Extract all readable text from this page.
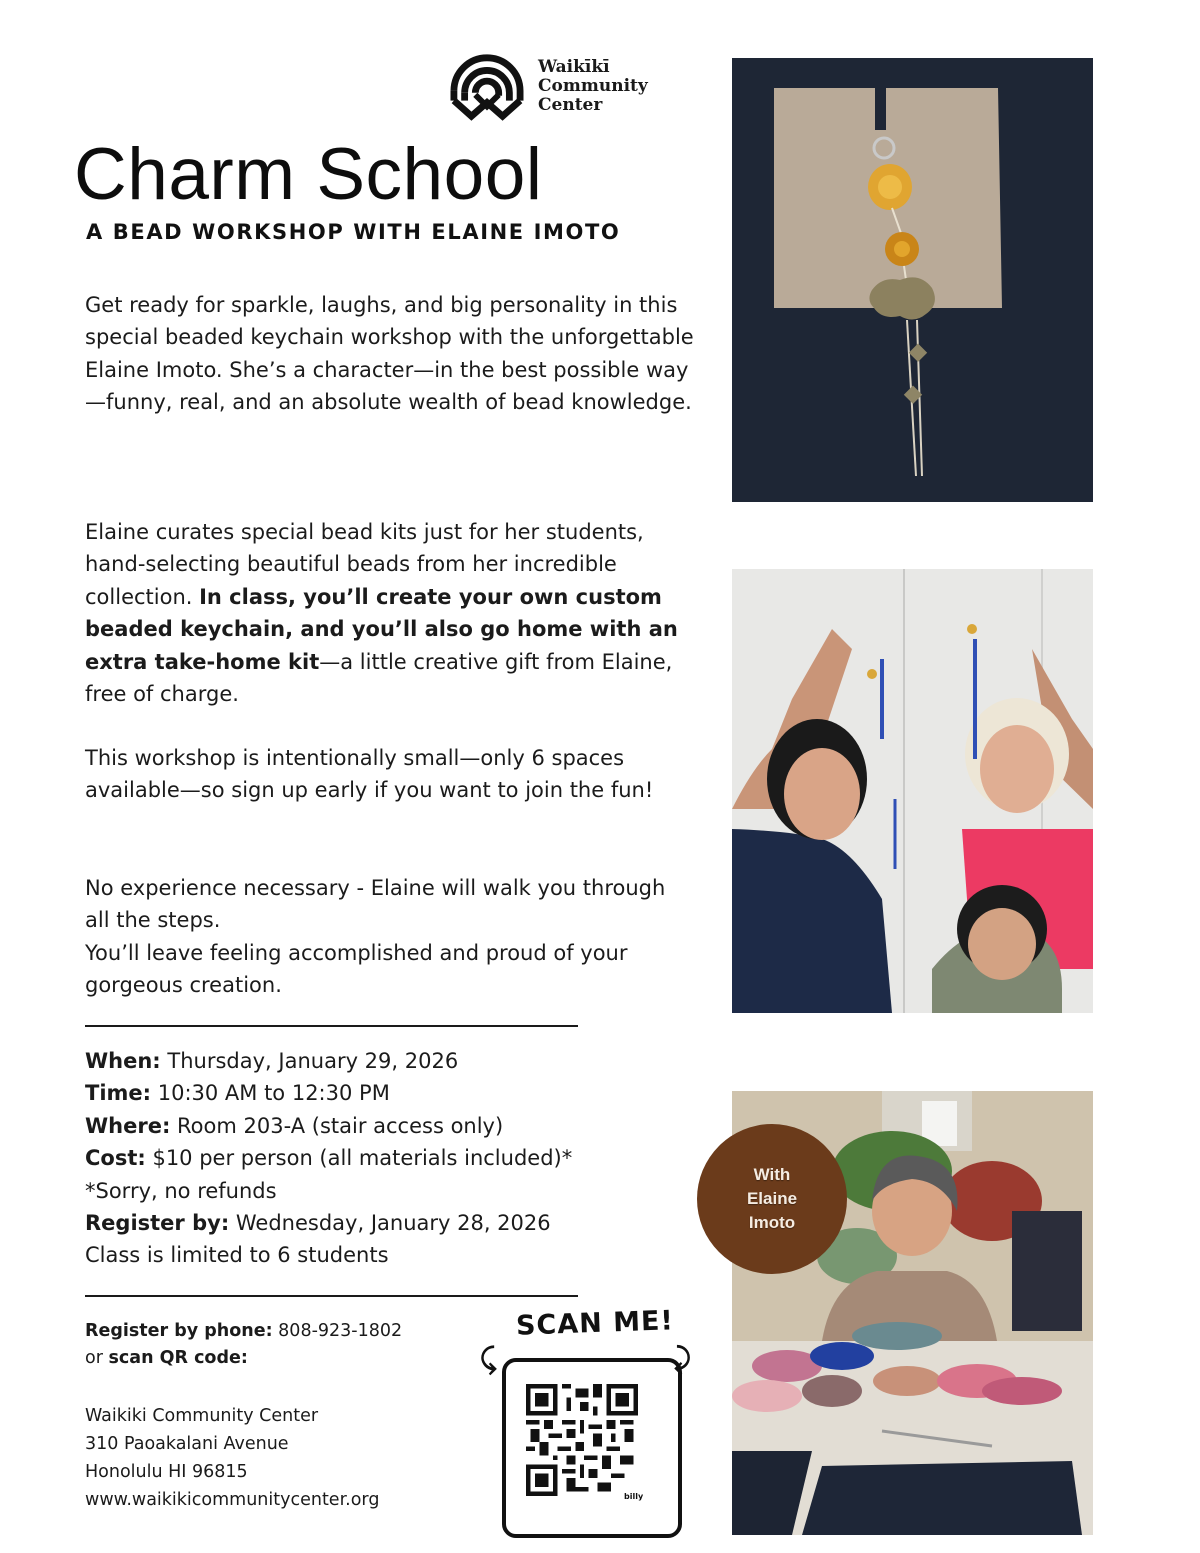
Waikīkī
Community
Center
Charm School
A BEAD WORKSHOP WITH ELAINE IMOTO

Get ready for sparkle, laughs, and big personality in this special beaded keychain workshop with the unforgettable Elaine Imoto. She’s a character—in the best possible way—funny, real, and an absolute wealth of bead knowledge.

Elaine curates special bead kits just for her students, hand-selecting beautiful beads from her incredible collection. In class, you’ll create your own custom beaded keychain, and you’ll also go home with an extra take-home kit—a little creative gift from Elaine, free of charge.

This workshop is intentionally small—only 6 spaces available—so sign up early if you want to join the fun!

No experience necessary - Elaine will walk you through all the steps.
You’ll leave feeling accomplished and proud of your gorgeous creation.
When: Thursday, January 29, 2026
Time: 10:30 AM to 12:30 PM
Where: Room 203-A (stair access only)
Cost: $10 per person (all materials included)*
*Sorry, no refunds
Register by: Wednesday, January 28, 2026
Class is limited to 6 students
Register by phone: 808-923-1802
or scan QR code:
Waikiki Community Center
310 Paoakalani Avenue
Honolulu HI 96815
www.waikikicommunitycenter.org
SCAN ME!
⤹	⤸
billy
With
Elaine
Imoto
